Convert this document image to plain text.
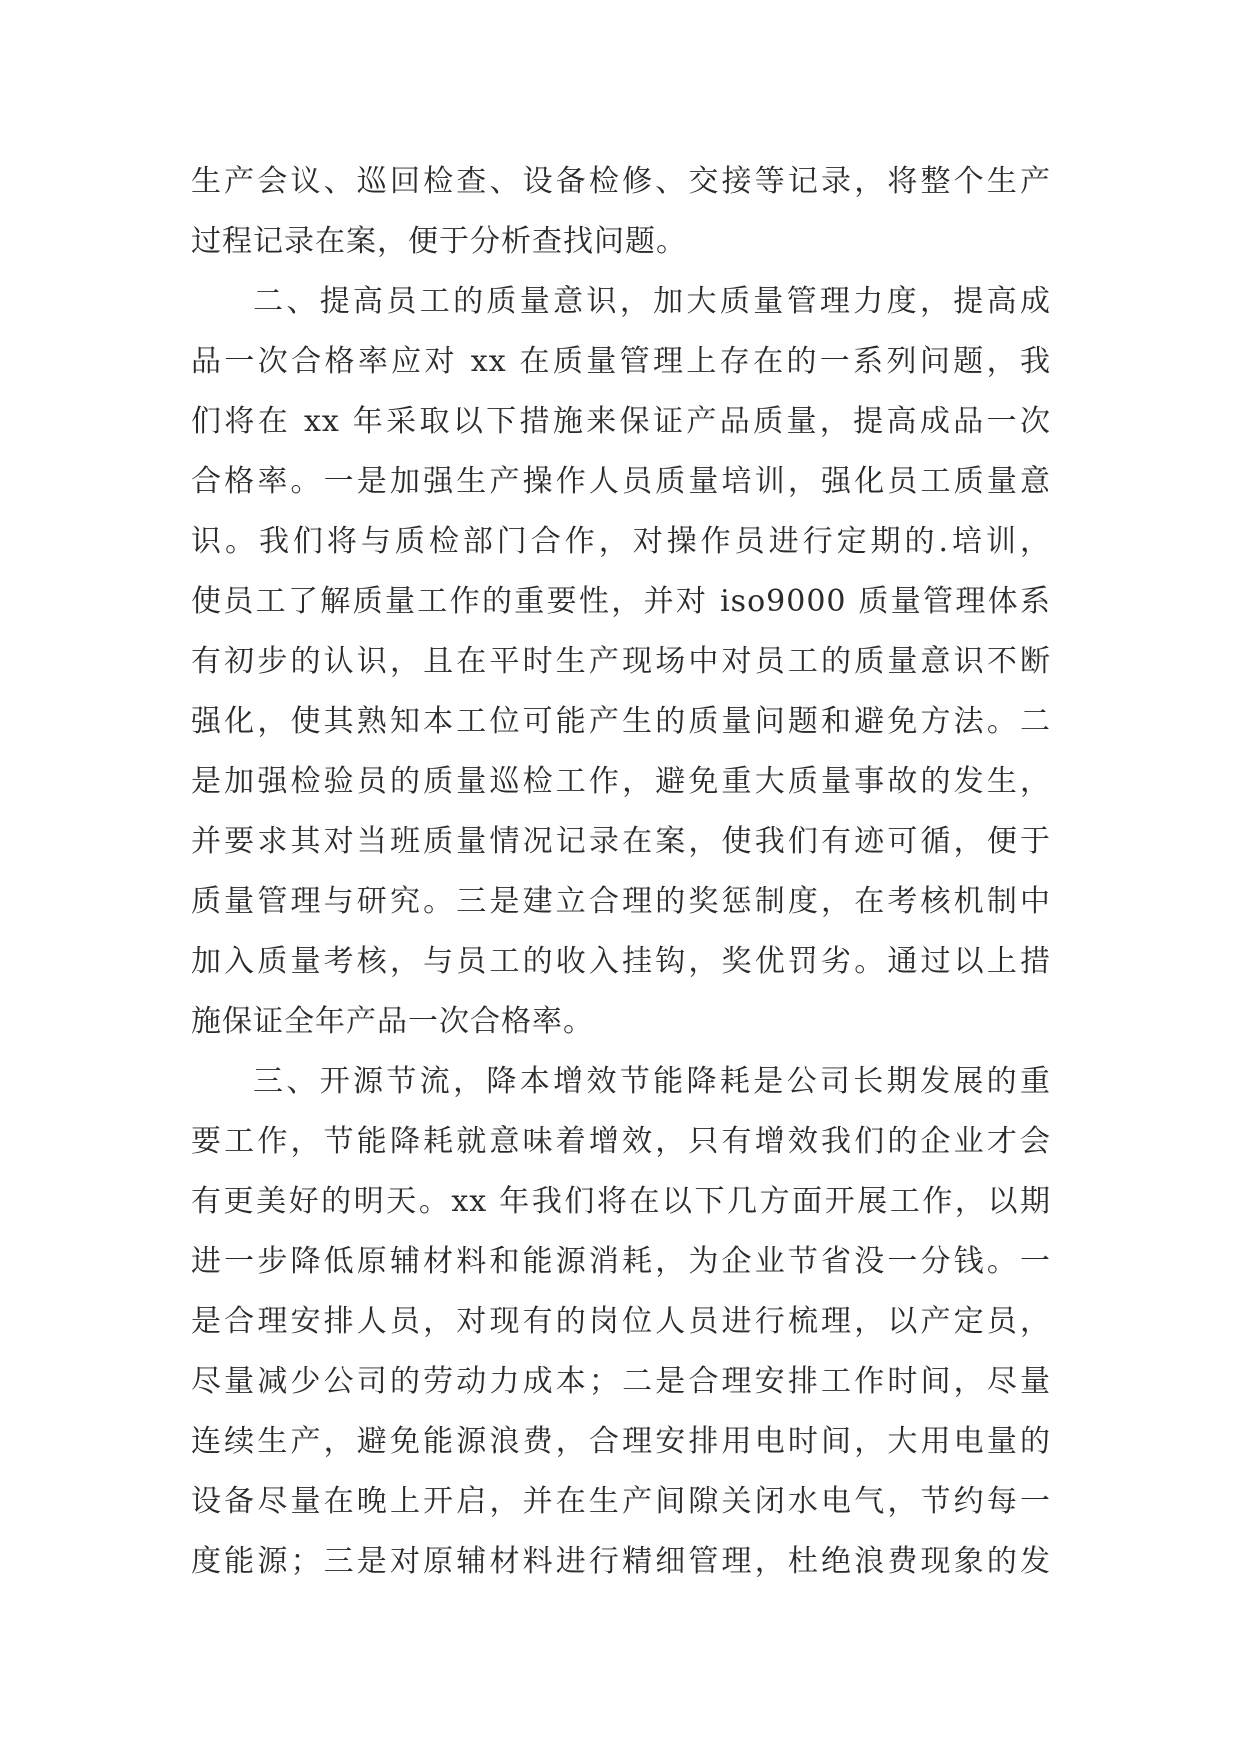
生产会议、巡回检查、设备检修、交接等记录，将整个生产
过程记录在案，便于分析查找问题。
二、提高员工的质量意识，加大质量管理力度，提高成
品一次合格率应对 xx 在质量管理上存在的一系列问题，我
们将在 xx 年采取以下措施来保证产品质量，提高成品一次
合格率。一是加强生产操作人员质量培训，强化员工质量意
识。我们将与质检部门合作，对操作员进行定期的.培训，
使员工了解质量工作的重要性，并对 iso9000 质量管理体系
有初步的认识，且在平时生产现场中对员工的质量意识不断
强化，使其熟知本工位可能产生的质量问题和避免方法。二
是加强检验员的质量巡检工作，避免重大质量事故的发生，
并要求其对当班质量情况记录在案，使我们有迹可循，便于
质量管理与研究。三是建立合理的奖惩制度，在考核机制中
加入质量考核，与员工的收入挂钩，奖优罚劣。通过以上措
施保证全年产品一次合格率。
三、开源节流，降本增效节能降耗是公司长期发展的重
要工作，节能降耗就意味着增效，只有增效我们的企业才会
有更美好的明天。xx 年我们将在以下几方面开展工作，以期
进一步降低原辅材料和能源消耗，为企业节省没一分钱。一
是合理安排人员，对现有的岗位人员进行梳理，以产定员，
尽量减少公司的劳动力成本；二是合理安排工作时间，尽量
连续生产，避免能源浪费，合理安排用电时间，大用电量的
设备尽量在晚上开启，并在生产间隙关闭水电气，节约每一
度能源；三是对原辅材料进行精细管理，杜绝浪费现象的发
